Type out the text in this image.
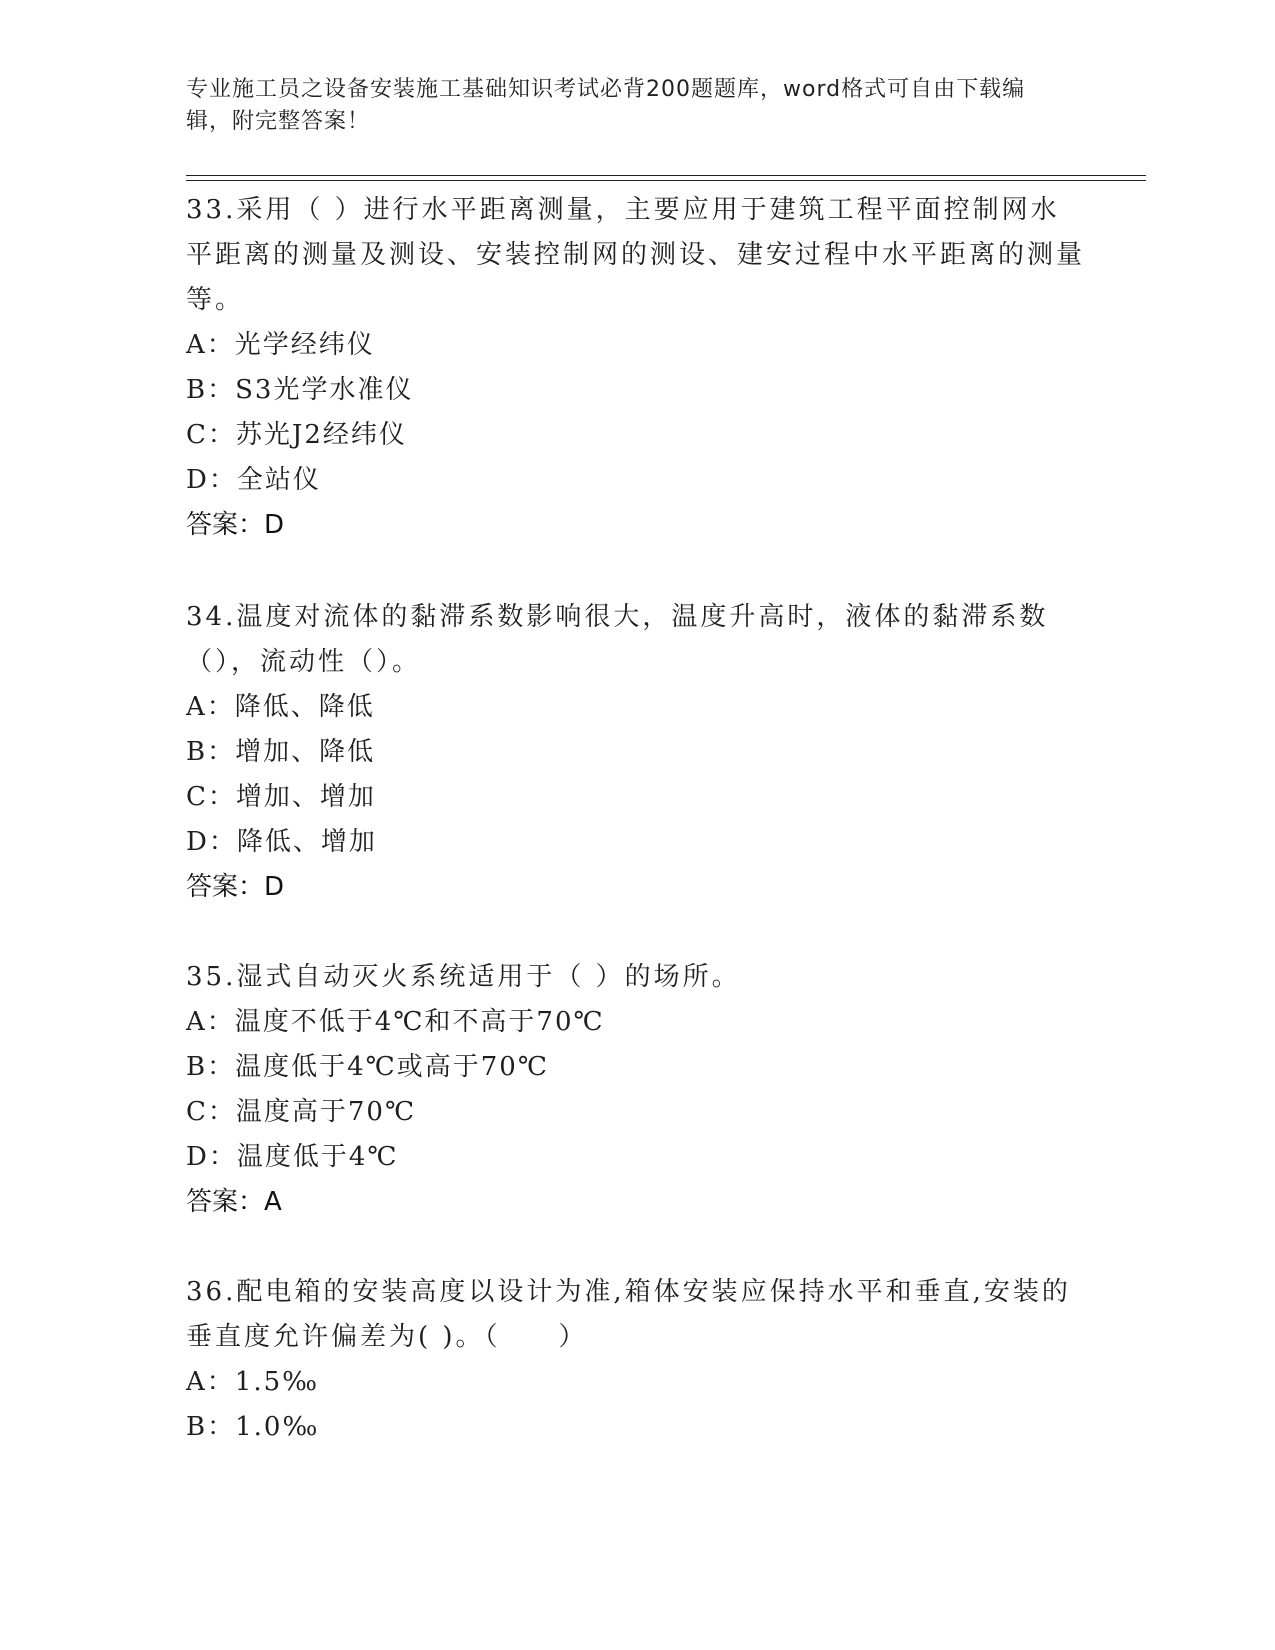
专业施工员之设备安装施工基础知识考试必背200题题库，word格式可自由下载编辑，附完整答案！

33.采用（ ）进行水平距离测量，主要应用于建筑工程平面控制网水平距离的测量及测设、安装控制网的测设、建安过程中水平距离的测量等。

A：光学经纬仪

B：S3光学水准仪

C：苏光J2经纬仪

D：全站仪

答案：D

34.温度对流体的黏滞系数影响很大，温度升高时，液体的黏滞系数（），流动性（）。

A：降低、降低

B：增加、降低

C：增加、增加

D：降低、增加

答案：D

35.湿式自动灭火系统适用于（ ）的场所。

A：温度不低于4℃和不高于70℃

B：温度低于4℃或高于70℃

C：温度高于70℃

D：温度低于4℃

答案：A

36.配电箱的安装高度以设计为准,箱体安装应保持水平和垂直,安装的垂直度允许偏差为( )。（　　）

A：1.5‰

B：1.0‰
